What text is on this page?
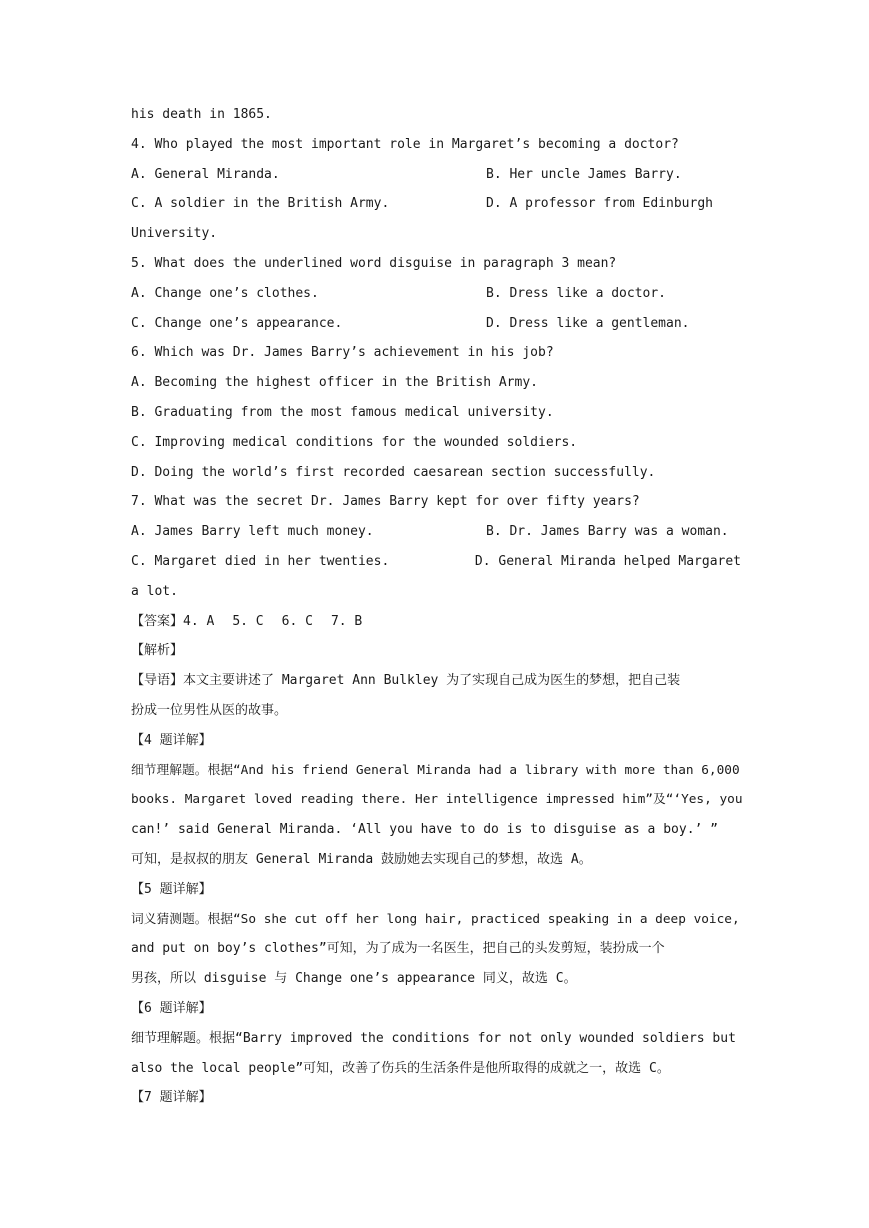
his death in 1865.
4. Who played the most important role in Margaret’s becoming a doctor?
A. General Miranda.	B. Her uncle James Barry.
C. A soldier in the British Army.	D. A professor from Edinburgh
University.
5. What does the underlined word disguise in paragraph 3 mean?
A. Change one’s clothes.	B. Dress like a doctor.
C. Change one’s appearance.	D. Dress like a gentleman.
6. Which was Dr. James Barry’s achievement in his job?
A. Becoming the highest officer in the British Army.
B. Graduating from the most famous medical university.
C. Improving medical conditions for the wounded soldiers.
D. Doing the world’s first recorded caesarean section successfully.
7. What was the secret Dr. James Barry kept for over fifty years?
A. James Barry left much money.	B. Dr. James Barry was a woman.
C. Margaret died in her twenties.	D. General Miranda helped Margaret
a lot.
【答案】4. A 5. C 6. C 7. B
【解析】
【导语】本文主要讲述了 Margaret Ann Bulkley 为了实现自己成为医生的梦想，把自己装
扮成一位男性从医的故事。
【4 题详解】
细节理解题。根据“And his friend General Miranda had a library with more than 6,000
books. Margaret loved reading there. Her intelligence impressed him”及“‘Yes, you
can!’ said General Miranda. ‘All you have to do is to disguise as a boy.’ ”
可知，是叔叔的朋友 General Miranda 鼓励她去实现自己的梦想，故选 A。
【5 题详解】
词义猜测题。根据“So she cut off her long hair, practiced speaking in a deep voice,
and put on boy’s clothes”可知，为了成为一名医生，把自己的头发剪短，装扮成一个
男孩，所以 disguise 与 Change one’s appearance 同义，故选 C。
【6 题详解】
细节理解题。根据“Barry improved the conditions for not only wounded soldiers but
also the local people”可知，改善了伤兵的生活条件是他所取得的成就之一，故选 C。
【7 题详解】
